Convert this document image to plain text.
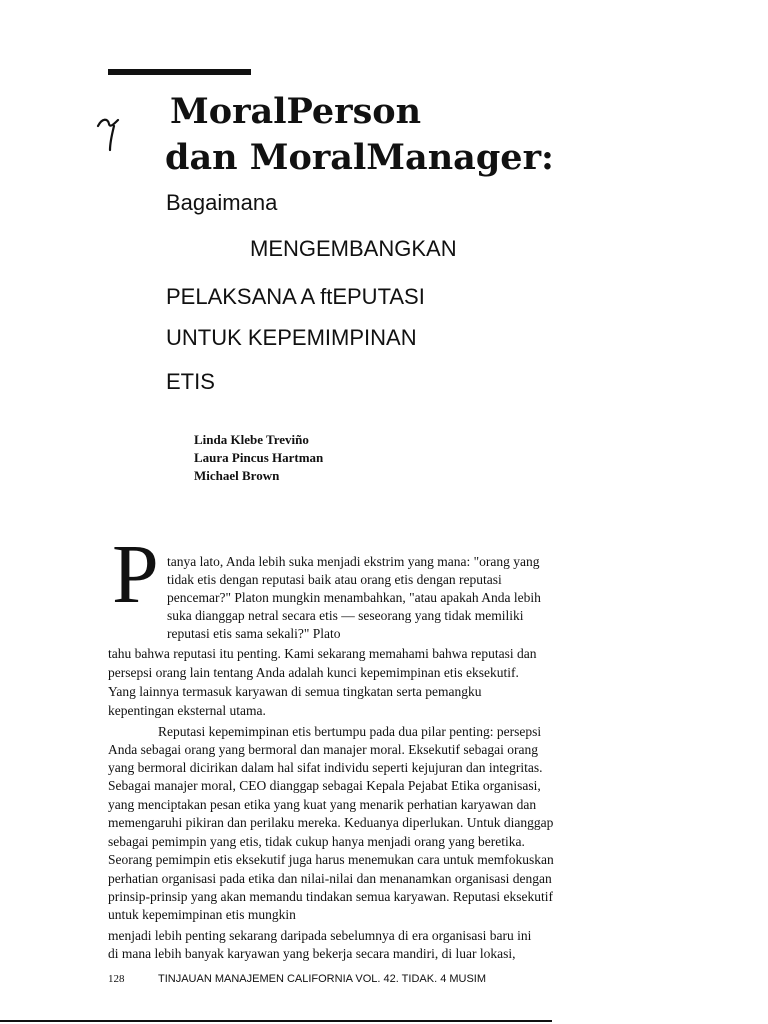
MoralPerson
dan MoralManager:
Bagaimana
MENGEMBANGKAN
PELAKSANA A ftEPUTASI
UNTUK KEPEMIMPINAN
ETIS
Linda Klebe Treviño
Laura Pincus Hartman
Michael Brown
P tanya lato, Anda lebih suka menjadi ekstrim yang mana: "orang yang
tidak etis dengan reputasi baik atau orang etis dengan reputasi
pencemar?" Platon mungkin menambahkan, "atau apakah Anda lebih
suka dianggap netral secara etis — seseorang yang tidak memiliki
reputasi etis sama sekali?" Plato
tahu bahwa reputasi itu penting. Kami sekarang memahami bahwa reputasi dan
persepsi orang lain tentang Anda adalah kunci kepemimpinan etis eksekutif.
Yang lainnya termasuk karyawan di semua tingkatan serta pemangku
kepentingan eksternal utama.
Reputasi kepemimpinan etis bertumpu pada dua pilar penting: persepsi
Anda sebagai orang yang bermoral dan manajer moral. Eksekutif sebagai orang
yang bermoral dicirikan dalam hal sifat individu seperti kejujuran dan integritas.
Sebagai manajer moral, CEO dianggap sebagai Kepala Pejabat Etika organisasi,
yang menciptakan pesan etika yang kuat yang menarik perhatian karyawan dan
memengaruhi pikiran dan perilaku mereka. Keduanya diperlukan. Untuk dianggap
sebagai pemimpin yang etis, tidak cukup hanya menjadi orang yang beretika.
Seorang pemimpin etis eksekutif juga harus menemukan cara untuk memfokuskan
perhatian organisasi pada etika dan nilai-nilai dan menanamkan organisasi dengan
prinsip-prinsip yang akan memandu tindakan semua karyawan. Reputasi eksekutif
untuk kepemimpinan etis mungkin
menjadi lebih penting sekarang daripada sebelumnya di era organisasi baru ini
di mana lebih banyak karyawan yang bekerja secara mandiri, di luar lokasi,
128	TINJAUAN MANAJEMEN CALIFORNIA VOL. 42. TIDAK. 4 MUSIM
